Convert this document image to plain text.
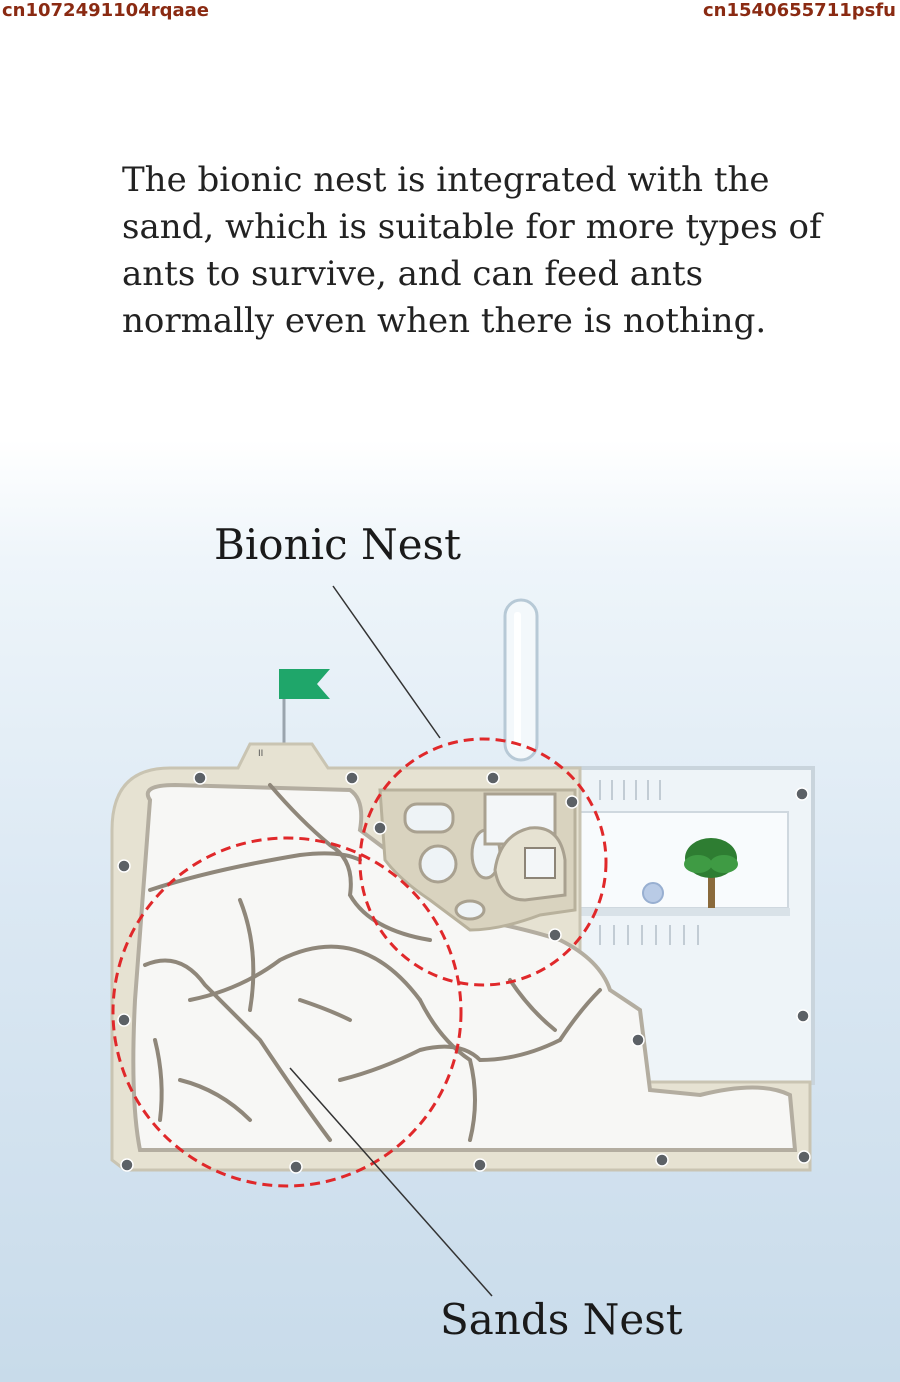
cn1072491104rqaae	cn1540655711psfu

The bionic nest is integrated with the sand, which is suitable for more types of ants to survive, and can feed ants normally even when there is nothing.

II
Bionic Nest
Sands Nest
